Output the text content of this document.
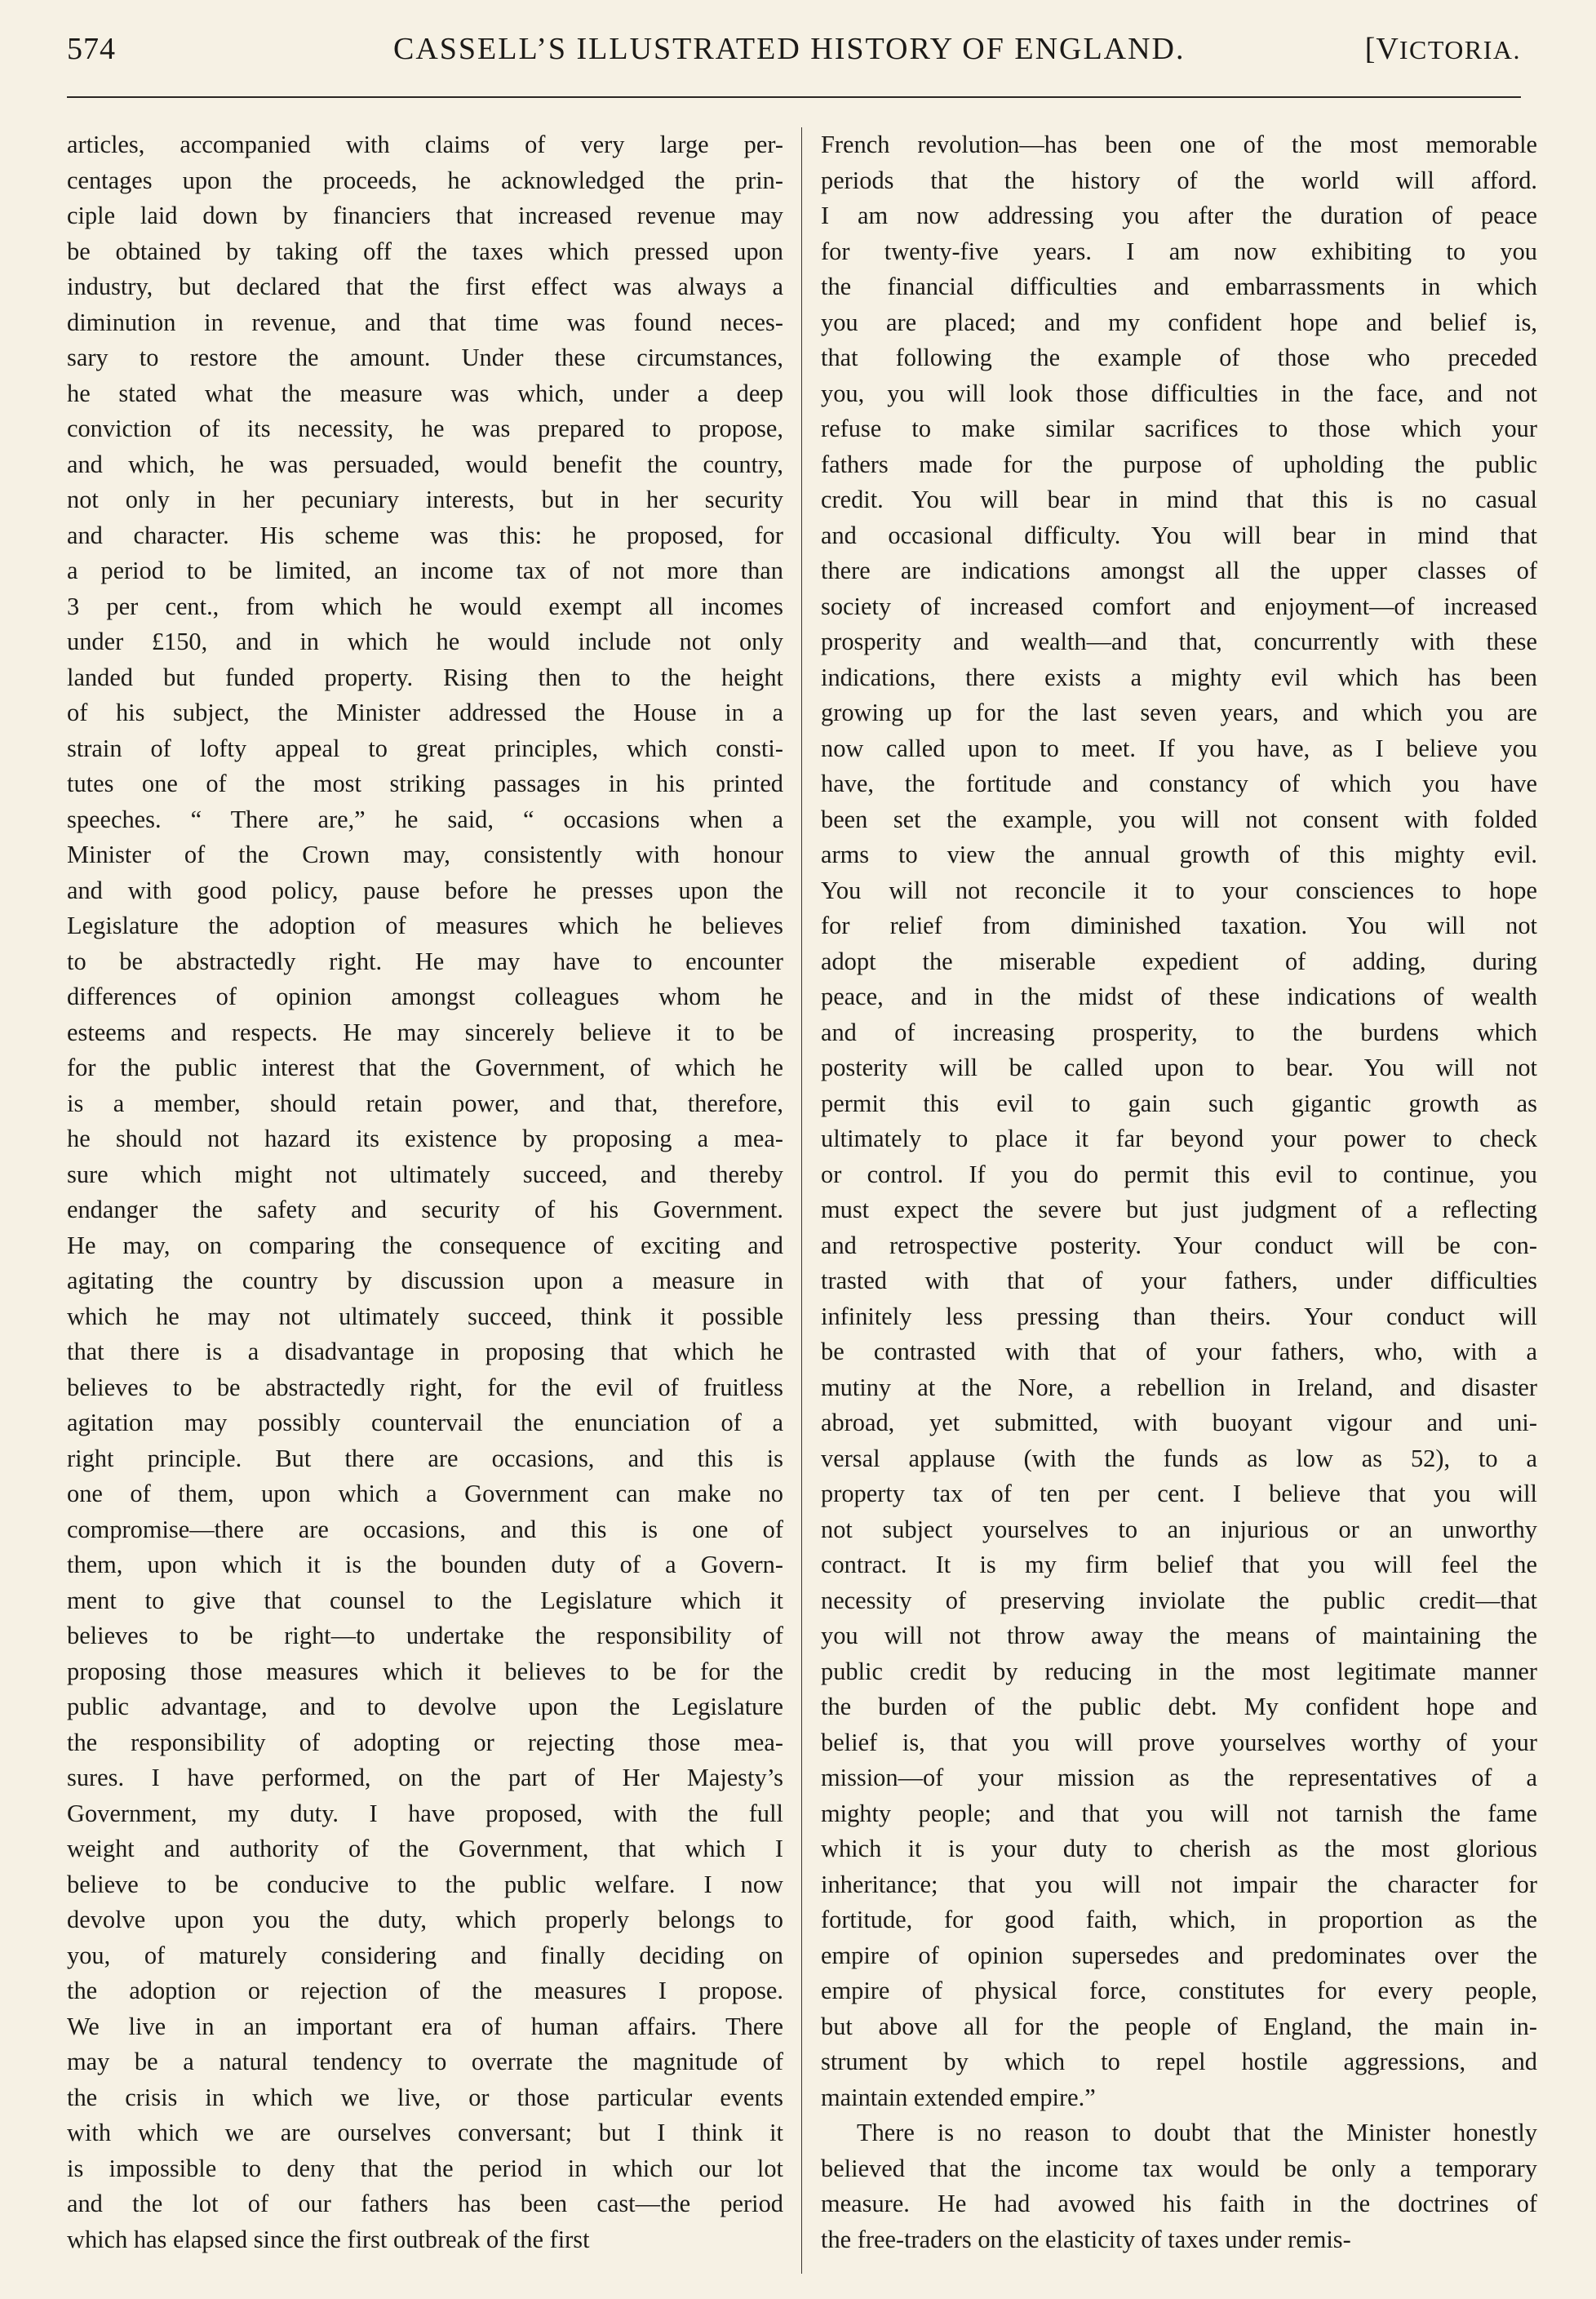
574	CASSELL’S ILLUSTRATED HISTORY OF ENGLAND.	[VICTORIA.
articles, accompanied with claims of very large per-
centages upon the proceeds, he acknowledged the prin-
ciple laid down by financiers that increased revenue may
be obtained by taking off the taxes which pressed upon
industry, but declared that the first effect was always a
diminution in revenue, and that time was found neces-
sary to restore the amount. Under these circumstances,
he stated what the measure was which, under a deep
conviction of its necessity, he was prepared to propose,
and which, he was persuaded, would benefit the country,
not only in her pecuniary interests, but in her security
and character. His scheme was this: he proposed, for
a period to be limited, an income tax of not more than
3 per cent., from which he would exempt all incomes
under £150, and in which he would include not only
landed but funded property. Rising then to the height
of his subject, the Minister addressed the House in a
strain of lofty appeal to great principles, which consti-
tutes one of the most striking passages in his printed
speeches. “ There are,” he said, “ occasions when a
Minister of the Crown may, consistently with honour
and with good policy, pause before he presses upon the
Legislature the adoption of measures which he believes
to be abstractedly right. He may have to encounter
differences of opinion amongst colleagues whom he
esteems and respects. He may sincerely believe it to be
for the public interest that the Government, of which he
is a member, should retain power, and that, therefore,
he should not hazard its existence by proposing a mea-
sure which might not ultimately succeed, and thereby
endanger the safety and security of his Government.
He may, on comparing the consequence of exciting and
agitating the country by discussion upon a measure in
which he may not ultimately succeed, think it possible
that there is a disadvantage in proposing that which he
believes to be abstractedly right, for the evil of fruitless
agitation may possibly countervail the enunciation of a
right principle. But there are occasions, and this is
one of them, upon which a Government can make no
compromise—there are occasions, and this is one of
them, upon which it is the bounden duty of a Govern-
ment to give that counsel to the Legislature which it
believes to be right—to undertake the responsibility of
proposing those measures which it believes to be for the
public advantage, and to devolve upon the Legislature
the responsibility of adopting or rejecting those mea-
sures. I have performed, on the part of Her Majesty’s
Government, my duty. I have proposed, with the full
weight and authority of the Government, that which I
believe to be conducive to the public welfare. I now
devolve upon you the duty, which properly belongs to
you, of maturely considering and finally deciding on
the adoption or rejection of the measures I propose.
We live in an important era of human affairs. There
may be a natural tendency to overrate the magnitude of
the crisis in which we live, or those particular events
with which we are ourselves conversant; but I think it
is impossible to deny that the period in which our lot
and the lot of our fathers has been cast—the period
which has elapsed since the first outbreak of the first
French revolution—has been one of the most memorable
periods that the history of the world will afford.
I am now addressing you after the duration of peace
for twenty-five years. I am now exhibiting to you
the financial difficulties and embarrassments in which
you are placed; and my confident hope and belief is,
that following the example of those who preceded
you, you will look those difficulties in the face, and not
refuse to make similar sacrifices to those which your
fathers made for the purpose of upholding the public
credit. You will bear in mind that this is no casual
and occasional difficulty. You will bear in mind that
there are indications amongst all the upper classes of
society of increased comfort and enjoyment—of increased
prosperity and wealth—and that, concurrently with these
indications, there exists a mighty evil which has been
growing up for the last seven years, and which you are
now called upon to meet. If you have, as I believe you
have, the fortitude and constancy of which you have
been set the example, you will not consent with folded
arms to view the annual growth of this mighty evil.
You will not reconcile it to your consciences to hope
for relief from diminished taxation. You will not
adopt the miserable expedient of adding, during
peace, and in the midst of these indications of wealth
and of increasing prosperity, to the burdens which
posterity will be called upon to bear. You will not
permit this evil to gain such gigantic growth as
ultimately to place it far beyond your power to check
or control. If you do permit this evil to continue, you
must expect the severe but just judgment of a reflecting
and retrospective posterity. Your conduct will be con-
trasted with that of your fathers, under difficulties
infinitely less pressing than theirs. Your conduct will
be contrasted with that of your fathers, who, with a
mutiny at the Nore, a rebellion in Ireland, and disaster
abroad, yet submitted, with buoyant vigour and uni-
versal applause (with the funds as low as 52), to a
property tax of ten per cent. I believe that you will
not subject yourselves to an injurious or an unworthy
contract. It is my firm belief that you will feel the
necessity of preserving inviolate the public credit—that
you will not throw away the means of maintaining the
public credit by reducing in the most legitimate manner
the burden of the public debt. My confident hope and
belief is, that you will prove yourselves worthy of your
mission—of your mission as the representatives of a
mighty people; and that you will not tarnish the fame
which it is your duty to cherish as the most glorious
inheritance; that you will not impair the character for
fortitude, for good faith, which, in proportion as the
empire of opinion supersedes and predominates over the
empire of physical force, constitutes for every people,
but above all for the people of England, the main in-
strument by which to repel hostile aggressions, and
maintain extended empire.”
There is no reason to doubt that the Minister honestly
believed that the income tax would be only a temporary
measure. He had avowed his faith in the doctrines of
the free-traders on the elasticity of taxes under remis-
